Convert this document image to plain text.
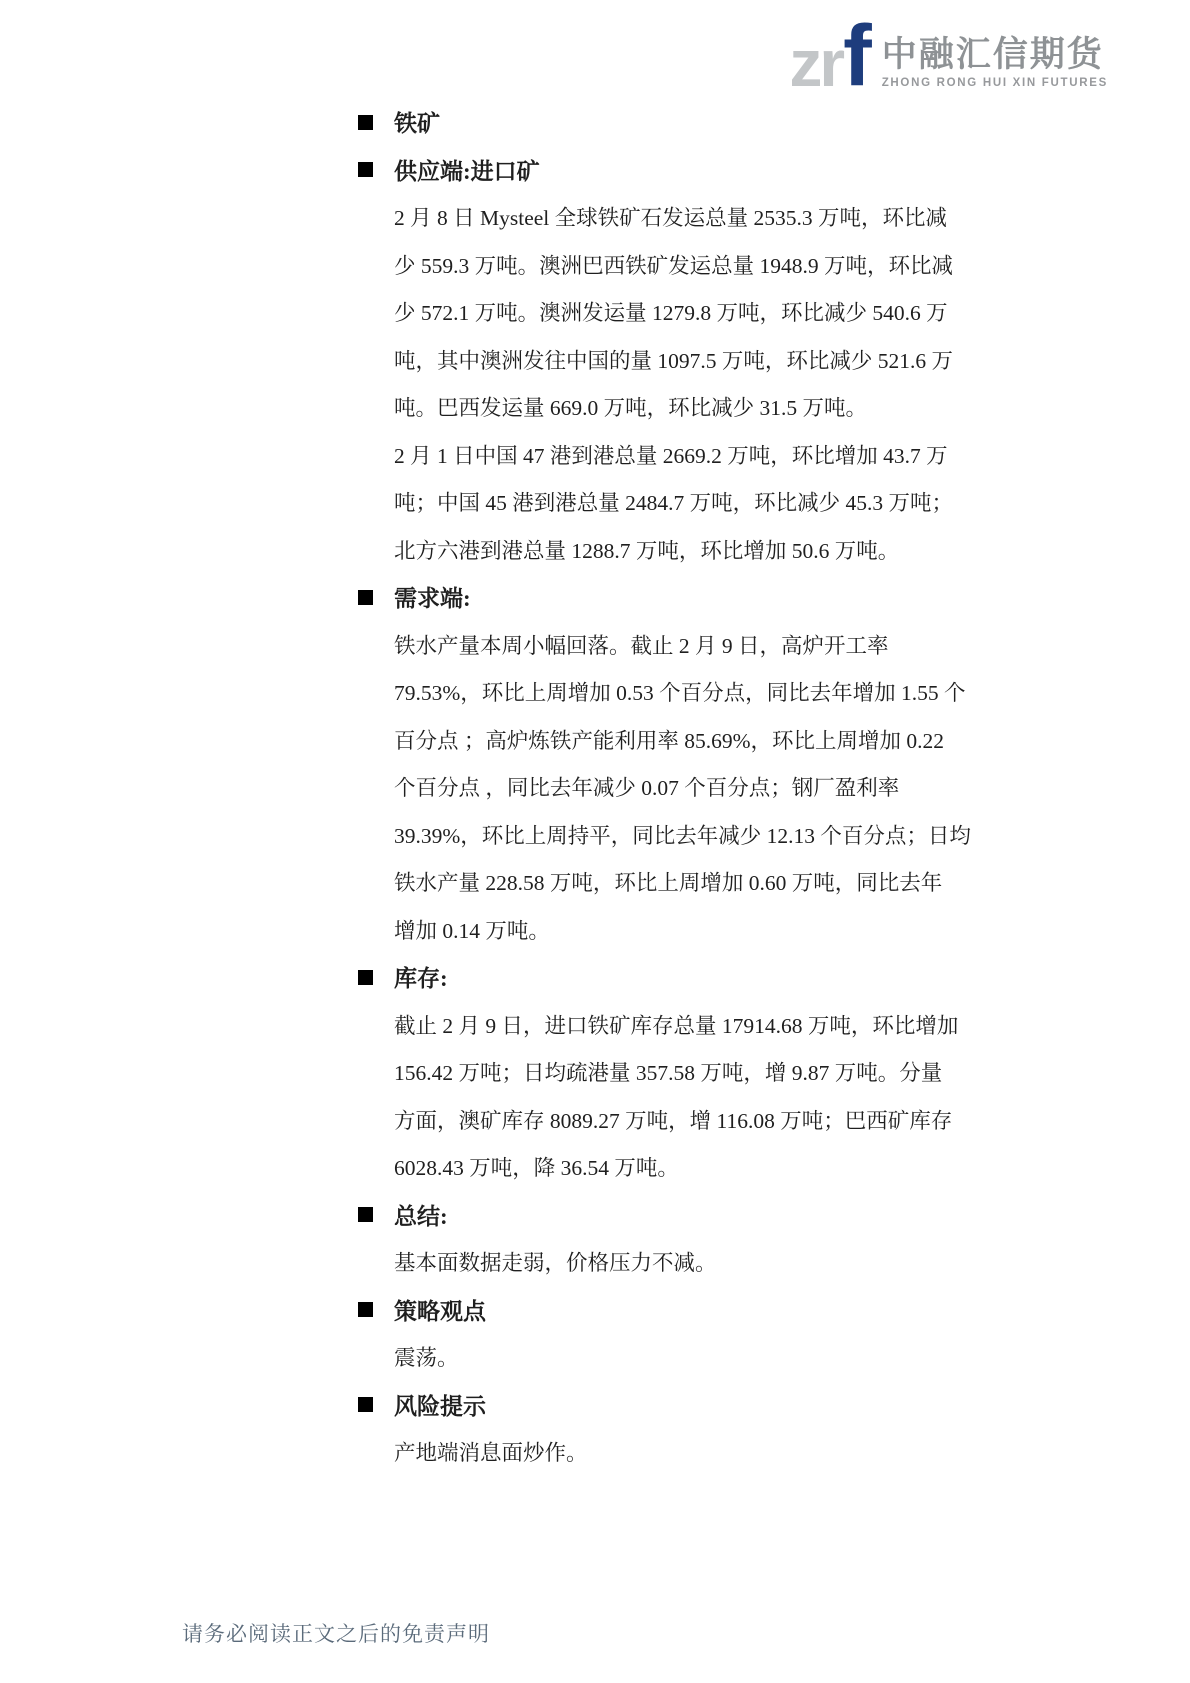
zr f 中融汇信期货
ZHONG RONG HUI XIN FUTURES
铁矿
供应端:进口矿
2 月 8 日 Mysteel 全球铁矿石发运总量 2535.3 万吨，环比减
少 559.3 万吨。澳洲巴西铁矿发运总量 1948.9 万吨，环比减
少 572.1 万吨。澳洲发运量 1279.8 万吨，环比减少 540.6 万
吨，其中澳洲发往中国的量 1097.5 万吨，环比减少 521.6 万
吨。巴西发运量 669.0 万吨，环比减少 31.5 万吨。
2 月 1 日中国 47 港到港总量 2669.2 万吨，环比增加 43.7 万
吨；中国 45 港到港总量 2484.7 万吨，环比减少 45.3 万吨；
北方六港到港总量 1288.7 万吨，环比增加 50.6 万吨。
需求端:
铁水产量本周小幅回落。截止 2 月 9 日，高炉开工率
79.53%，环比上周增加 0.53 个百分点，同比去年增加 1.55 个
百分点 ；高炉炼铁产能利用率 85.69%，环比上周增加 0.22
个百分点 ，同比去年减少 0.07 个百分点；钢厂盈利率
39.39%，环比上周持平，同比去年减少 12.13 个百分点；日均
铁水产量 228.58 万吨，环比上周增加 0.60 万吨，同比去年
增加 0.14 万吨。
库存:
截止 2 月 9 日，进口铁矿库存总量 17914.68 万吨，环比增加
156.42 万吨；日均疏港量 357.58 万吨，增 9.87 万吨。分量
方面，澳矿库存 8089.27 万吨，增 116.08 万吨；巴西矿库存
6028.43 万吨，降 36.54 万吨。
总结:
基本面数据走弱，价格压力不减。
策略观点
震荡。
风险提示
产地端消息面炒作。
请务必阅读正文之后的免责声明
